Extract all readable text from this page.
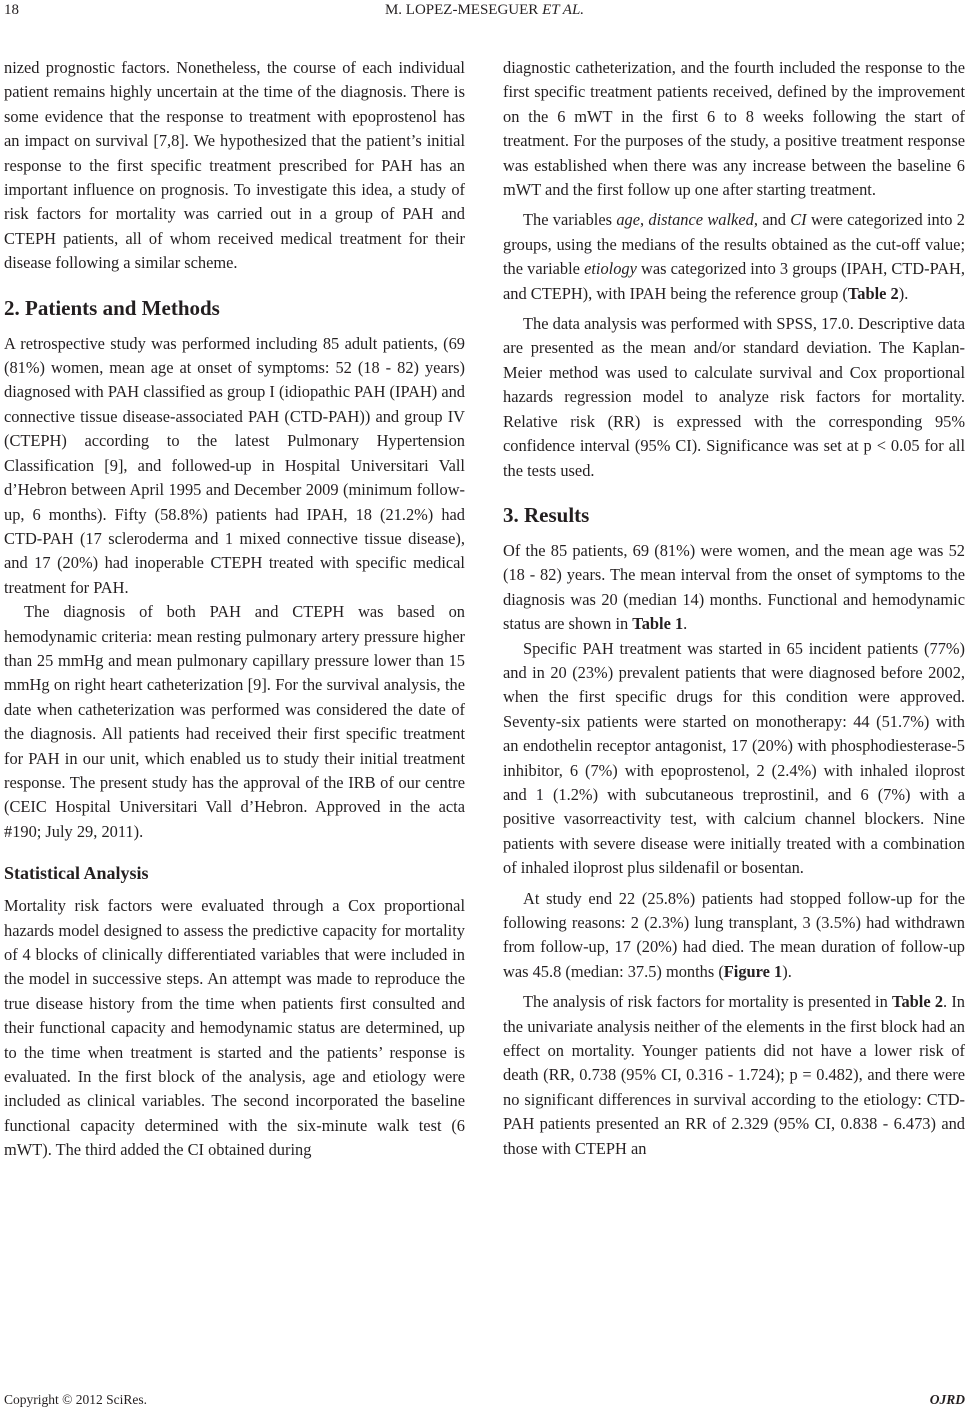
18	M. LOPEZ-MESEGUER ET AL.

nized prognostic factors. Nonetheless, the course of each individual patient remains highly uncertain at the time of the diagnosis. There is some evidence that the response to treatment with epoprostenol has an impact on survival [7,8]. We hypothesized that the patient’s initial response to the first specific treatment prescribed for PAH has an important influence on prognosis. To investigate this idea, a study of risk factors for mortality was carried out in a group of PAH and CTEPH patients, all of whom received medical treatment for their disease following a similar scheme.

2. Patients and Methods

A retrospective study was performed including 85 adult patients, (69 (81%) women, mean age at onset of symptoms: 52 (18 - 82) years) diagnosed with PAH classified as group I (idiopathic PAH (IPAH) and connective tissue disease-associated PAH (CTD-PAH)) and group IV (CTEPH) according to the latest Pulmonary Hypertension Classification [9], and followed-up in Hospital Universitari Vall d’Hebron between April 1995 and December 2009 (minimum follow-up, 6 months). Fifty (58.8%) patients had IPAH, 18 (21.2%) had CTD-PAH (17 scleroderma and 1 mixed connective tissue disease), and 17 (20%) had inoperable CTEPH treated with specific medical treatment for PAH.

The diagnosis of both PAH and CTEPH was based on hemodynamic criteria: mean resting pulmonary artery pressure higher than 25 mmHg and mean pulmonary capillary pressure lower than 15 mmHg on right heart catheterization [9]. For the survival analysis, the date when catheterization was performed was considered the date of the diagnosis. All patients had received their first specific treatment for PAH in our unit, which enabled us to study their initial treatment response. The present study has the approval of the IRB of our centre (CEIC Hospital Universitari Vall d’Hebron. Approved in the acta #190; July 29, 2011).

Statistical Analysis

Mortality risk factors were evaluated through a Cox proportional hazards model designed to assess the predictive capacity for mortality of 4 blocks of clinically differentiated variables that were included in the model in successive steps. An attempt was made to reproduce the true disease history from the time when patients first consulted and their functional capacity and hemodynamic status are determined, up to the time when treatment is started and the patients’ response is evaluated. In the first block of the analysis, age and etiology were included as clinical variables. The second incorporated the baseline functional capacity determined with the six-minute walk test (6 mWT). The third added the CI obtained during

diagnostic catheterization, and the fourth included the response to the first specific treatment patients received, defined by the improvement on the 6 mWT in the first 6 to 8 weeks following the start of treatment. For the purposes of the study, a positive treatment response was established when there was any increase between the baseline 6 mWT and the first follow up one after starting treatment.

The variables age, distance walked, and CI were categorized into 2 groups, using the medians of the results obtained as the cut-off value; the variable etiology was categorized into 3 groups (IPAH, CTD-PAH, and CTEPH), with IPAH being the reference group (Table 2).

The data analysis was performed with SPSS, 17.0. Descriptive data are presented as the mean and/or standard deviation. The Kaplan-Meier method was used to calculate survival and Cox proportional hazards regression model to analyze risk factors for mortality. Relative risk (RR) is expressed with the corresponding 95% confidence interval (95% CI). Significance was set at p < 0.05 for all the tests used.

3. Results

Of the 85 patients, 69 (81%) were women, and the mean age was 52 (18 - 82) years. The mean interval from the onset of symptoms to the diagnosis was 20 (median 14) months. Functional and hemodynamic status are shown in Table 1.

Specific PAH treatment was started in 65 incident patients (77%) and in 20 (23%) prevalent patients that were diagnosed before 2002, when the first specific drugs for this condition were approved. Seventy-six patients were started on monotherapy: 44 (51.7%) with an endothelin receptor antagonist, 17 (20%) with phosphodiesterase-5 inhibitor, 6 (7%) with epoprostenol, 2 (2.4%) with inhaled iloprost and 1 (1.2%) with subcutaneous treprostinil, and 6 (7%) with a positive vasorreactivity test, with calcium channel blockers. Nine patients with severe disease were initially treated with a combination of inhaled iloprost plus sildenafil or bosentan.

At study end 22 (25.8%) patients had stopped follow-up for the following reasons: 2 (2.3%) lung transplant, 3 (3.5%) had withdrawn from follow-up, 17 (20%) had died. The mean duration of follow-up was 45.8 (median: 37.5) months (Figure 1).

The analysis of risk factors for mortality is presented in Table 2. In the univariate analysis neither of the elements in the first block had an effect on mortality. Younger patients did not have a lower risk of death (RR, 0.738 (95% CI, 0.316 - 1.724); p = 0.482), and there were no significant differences in survival according to the etiology: CTD-PAH patients presented an RR of 2.329 (95% CI, 0.838 - 6.473) and those with CTEPH an

Copyright © 2012 SciRes.	OJRD
